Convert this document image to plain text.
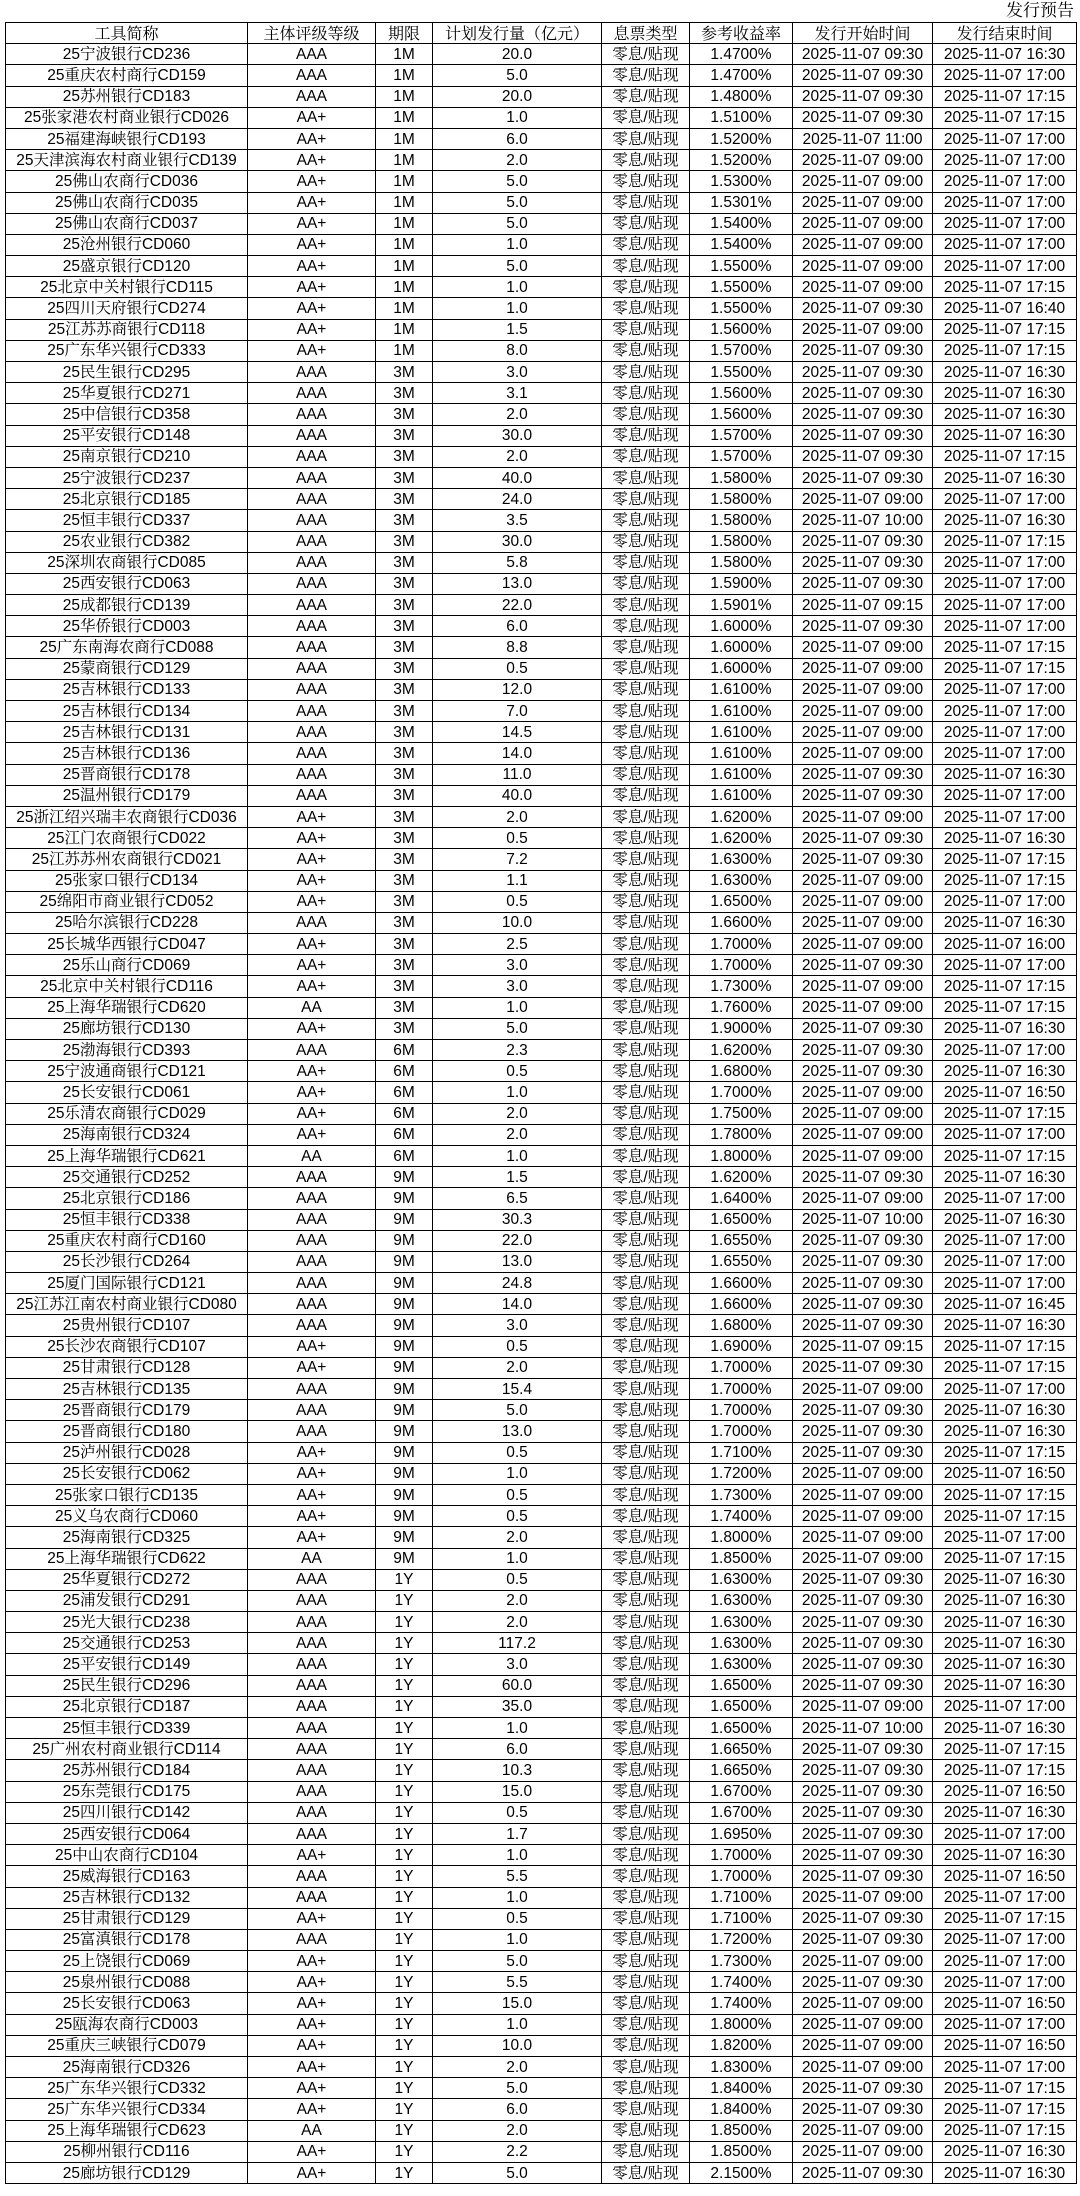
发行预告
工具简称	主体评级等级	期限	计划发行量（亿元）	息票类型	参考收益率	发行开始时间	发行结束时间
25宁波银行CD236	AAA	1M	20.0	零息/贴现	1.4700%	2025-11-07 09:30	2025-11-07 16:30
25重庆农村商行CD159	AAA	1M	5.0	零息/贴现	1.4700%	2025-11-07 09:30	2025-11-07 17:00
25苏州银行CD183	AAA	1M	20.0	零息/贴现	1.4800%	2025-11-07 09:30	2025-11-07 17:15
25张家港农村商业银行CD026	AA+	1M	1.0	零息/贴现	1.5100%	2025-11-07 09:30	2025-11-07 17:15
25福建海峡银行CD193	AA+	1M	6.0	零息/贴现	1.5200%	2025-11-07 11:00	2025-11-07 17:00
25天津滨海农村商业银行CD139	AA+	1M	2.0	零息/贴现	1.5200%	2025-11-07 09:00	2025-11-07 17:00
25佛山农商行CD036	AA+	1M	5.0	零息/贴现	1.5300%	2025-11-07 09:00	2025-11-07 17:00
25佛山农商行CD035	AA+	1M	5.0	零息/贴现	1.5301%	2025-11-07 09:00	2025-11-07 17:00
25佛山农商行CD037	AA+	1M	5.0	零息/贴现	1.5400%	2025-11-07 09:00	2025-11-07 17:00
25沧州银行CD060	AA+	1M	1.0	零息/贴现	1.5400%	2025-11-07 09:00	2025-11-07 17:00
25盛京银行CD120	AA+	1M	5.0	零息/贴现	1.5500%	2025-11-07 09:00	2025-11-07 17:00
25北京中关村银行CD115	AA+	1M	1.0	零息/贴现	1.5500%	2025-11-07 09:00	2025-11-07 17:15
25四川天府银行CD274	AA+	1M	1.0	零息/贴现	1.5500%	2025-11-07 09:30	2025-11-07 16:40
25江苏苏商银行CD118	AA+	1M	1.5	零息/贴现	1.5600%	2025-11-07 09:00	2025-11-07 17:15
25广东华兴银行CD333	AA+	1M	8.0	零息/贴现	1.5700%	2025-11-07 09:30	2025-11-07 17:15
25民生银行CD295	AAA	3M	3.0	零息/贴现	1.5500%	2025-11-07 09:30	2025-11-07 16:30
25华夏银行CD271	AAA	3M	3.1	零息/贴现	1.5600%	2025-11-07 09:30	2025-11-07 16:30
25中信银行CD358	AAA	3M	2.0	零息/贴现	1.5600%	2025-11-07 09:30	2025-11-07 16:30
25平安银行CD148	AAA	3M	30.0	零息/贴现	1.5700%	2025-11-07 09:30	2025-11-07 16:30
25南京银行CD210	AAA	3M	2.0	零息/贴现	1.5700%	2025-11-07 09:30	2025-11-07 17:15
25宁波银行CD237	AAA	3M	40.0	零息/贴现	1.5800%	2025-11-07 09:30	2025-11-07 16:30
25北京银行CD185	AAA	3M	24.0	零息/贴现	1.5800%	2025-11-07 09:00	2025-11-07 17:00
25恒丰银行CD337	AAA	3M	3.5	零息/贴现	1.5800%	2025-11-07 10:00	2025-11-07 16:30
25农业银行CD382	AAA	3M	30.0	零息/贴现	1.5800%	2025-11-07 09:30	2025-11-07 17:15
25深圳农商银行CD085	AAA	3M	5.8	零息/贴现	1.5800%	2025-11-07 09:30	2025-11-07 17:00
25西安银行CD063	AAA	3M	13.0	零息/贴现	1.5900%	2025-11-07 09:30	2025-11-07 17:00
25成都银行CD139	AAA	3M	22.0	零息/贴现	1.5901%	2025-11-07 09:15	2025-11-07 17:00
25华侨银行CD003	AAA	3M	6.0	零息/贴现	1.6000%	2025-11-07 09:30	2025-11-07 17:00
25广东南海农商行CD088	AAA	3M	8.8	零息/贴现	1.6000%	2025-11-07 09:00	2025-11-07 17:15
25蒙商银行CD129	AAA	3M	0.5	零息/贴现	1.6000%	2025-11-07 09:00	2025-11-07 17:15
25吉林银行CD133	AAA	3M	12.0	零息/贴现	1.6100%	2025-11-07 09:00	2025-11-07 17:00
25吉林银行CD134	AAA	3M	7.0	零息/贴现	1.6100%	2025-11-07 09:00	2025-11-07 17:00
25吉林银行CD131	AAA	3M	14.5	零息/贴现	1.6100%	2025-11-07 09:00	2025-11-07 17:00
25吉林银行CD136	AAA	3M	14.0	零息/贴现	1.6100%	2025-11-07 09:00	2025-11-07 17:00
25晋商银行CD178	AAA	3M	11.0	零息/贴现	1.6100%	2025-11-07 09:30	2025-11-07 16:30
25温州银行CD179	AAA	3M	40.0	零息/贴现	1.6100%	2025-11-07 09:30	2025-11-07 17:00
25浙江绍兴瑞丰农商银行CD036	AA+	3M	2.0	零息/贴现	1.6200%	2025-11-07 09:00	2025-11-07 17:00
25江门农商银行CD022	AA+	3M	0.5	零息/贴现	1.6200%	2025-11-07 09:30	2025-11-07 16:30
25江苏苏州农商银行CD021	AA+	3M	7.2	零息/贴现	1.6300%	2025-11-07 09:30	2025-11-07 17:15
25张家口银行CD134	AA+	3M	1.1	零息/贴现	1.6300%	2025-11-07 09:00	2025-11-07 17:15
25绵阳市商业银行CD052	AA+	3M	0.5	零息/贴现	1.6500%	2025-11-07 09:00	2025-11-07 17:00
25哈尔滨银行CD228	AAA	3M	10.0	零息/贴现	1.6600%	2025-11-07 09:00	2025-11-07 16:30
25长城华西银行CD047	AA+	3M	2.5	零息/贴现	1.7000%	2025-11-07 09:00	2025-11-07 16:00
25乐山商行CD069	AA+	3M	3.0	零息/贴现	1.7000%	2025-11-07 09:30	2025-11-07 17:00
25北京中关村银行CD116	AA+	3M	3.0	零息/贴现	1.7300%	2025-11-07 09:00	2025-11-07 17:15
25上海华瑞银行CD620	AA	3M	1.0	零息/贴现	1.7600%	2025-11-07 09:00	2025-11-07 17:15
25廊坊银行CD130	AA+	3M	5.0	零息/贴现	1.9000%	2025-11-07 09:30	2025-11-07 16:30
25渤海银行CD393	AAA	6M	2.3	零息/贴现	1.6200%	2025-11-07 09:30	2025-11-07 17:00
25宁波通商银行CD121	AA+	6M	0.5	零息/贴现	1.6800%	2025-11-07 09:30	2025-11-07 16:30
25长安银行CD061	AA+	6M	1.0	零息/贴现	1.7000%	2025-11-07 09:00	2025-11-07 16:50
25乐清农商银行CD029	AA+	6M	2.0	零息/贴现	1.7500%	2025-11-07 09:00	2025-11-07 17:15
25海南银行CD324	AA+	6M	2.0	零息/贴现	1.7800%	2025-11-07 09:00	2025-11-07 17:00
25上海华瑞银行CD621	AA	6M	1.0	零息/贴现	1.8000%	2025-11-07 09:00	2025-11-07 17:15
25交通银行CD252	AAA	9M	1.5	零息/贴现	1.6200%	2025-11-07 09:30	2025-11-07 16:30
25北京银行CD186	AAA	9M	6.5	零息/贴现	1.6400%	2025-11-07 09:00	2025-11-07 17:00
25恒丰银行CD338	AAA	9M	30.3	零息/贴现	1.6500%	2025-11-07 10:00	2025-11-07 16:30
25重庆农村商行CD160	AAA	9M	22.0	零息/贴现	1.6550%	2025-11-07 09:30	2025-11-07 17:00
25长沙银行CD264	AAA	9M	13.0	零息/贴现	1.6550%	2025-11-07 09:30	2025-11-07 17:00
25厦门国际银行CD121	AAA	9M	24.8	零息/贴现	1.6600%	2025-11-07 09:30	2025-11-07 17:00
25江苏江南农村商业银行CD080	AAA	9M	14.0	零息/贴现	1.6600%	2025-11-07 09:30	2025-11-07 16:45
25贵州银行CD107	AAA	9M	3.0	零息/贴现	1.6800%	2025-11-07 09:30	2025-11-07 16:30
25长沙农商银行CD107	AA+	9M	0.5	零息/贴现	1.6900%	2025-11-07 09:15	2025-11-07 17:15
25甘肃银行CD128	AA+	9M	2.0	零息/贴现	1.7000%	2025-11-07 09:30	2025-11-07 17:15
25吉林银行CD135	AAA	9M	15.4	零息/贴现	1.7000%	2025-11-07 09:00	2025-11-07 17:00
25晋商银行CD179	AAA	9M	5.0	零息/贴现	1.7000%	2025-11-07 09:30	2025-11-07 16:30
25晋商银行CD180	AAA	9M	13.0	零息/贴现	1.7000%	2025-11-07 09:30	2025-11-07 16:30
25泸州银行CD028	AA+	9M	0.5	零息/贴现	1.7100%	2025-11-07 09:30	2025-11-07 17:15
25长安银行CD062	AA+	9M	1.0	零息/贴现	1.7200%	2025-11-07 09:00	2025-11-07 16:50
25张家口银行CD135	AA+	9M	0.5	零息/贴现	1.7300%	2025-11-07 09:00	2025-11-07 17:15
25义乌农商行CD060	AA+	9M	0.5	零息/贴现	1.7400%	2025-11-07 09:00	2025-11-07 17:15
25海南银行CD325	AA+	9M	2.0	零息/贴现	1.8000%	2025-11-07 09:00	2025-11-07 17:00
25上海华瑞银行CD622	AA	9M	1.0	零息/贴现	1.8500%	2025-11-07 09:00	2025-11-07 17:15
25华夏银行CD272	AAA	1Y	0.5	零息/贴现	1.6300%	2025-11-07 09:30	2025-11-07 16:30
25浦发银行CD291	AAA	1Y	2.0	零息/贴现	1.6300%	2025-11-07 09:30	2025-11-07 16:30
25光大银行CD238	AAA	1Y	2.0	零息/贴现	1.6300%	2025-11-07 09:30	2025-11-07 16:30
25交通银行CD253	AAA	1Y	117.2	零息/贴现	1.6300%	2025-11-07 09:30	2025-11-07 16:30
25平安银行CD149	AAA	1Y	3.0	零息/贴现	1.6300%	2025-11-07 09:30	2025-11-07 16:30
25民生银行CD296	AAA	1Y	60.0	零息/贴现	1.6500%	2025-11-07 09:30	2025-11-07 16:30
25北京银行CD187	AAA	1Y	35.0	零息/贴现	1.6500%	2025-11-07 09:00	2025-11-07 17:00
25恒丰银行CD339	AAA	1Y	1.0	零息/贴现	1.6500%	2025-11-07 10:00	2025-11-07 16:30
25广州农村商业银行CD114	AAA	1Y	6.0	零息/贴现	1.6650%	2025-11-07 09:30	2025-11-07 17:15
25苏州银行CD184	AAA	1Y	10.3	零息/贴现	1.6650%	2025-11-07 09:30	2025-11-07 17:15
25东莞银行CD175	AAA	1Y	15.0	零息/贴现	1.6700%	2025-11-07 09:30	2025-11-07 16:50
25四川银行CD142	AAA	1Y	0.5	零息/贴现	1.6700%	2025-11-07 09:30	2025-11-07 16:30
25西安银行CD064	AAA	1Y	1.7	零息/贴现	1.6950%	2025-11-07 09:30	2025-11-07 17:00
25中山农商行CD104	AA+	1Y	1.0	零息/贴现	1.7000%	2025-11-07 09:30	2025-11-07 16:30
25威海银行CD163	AAA	1Y	5.5	零息/贴现	1.7000%	2025-11-07 09:30	2025-11-07 16:50
25吉林银行CD132	AAA	1Y	1.0	零息/贴现	1.7100%	2025-11-07 09:00	2025-11-07 17:00
25甘肃银行CD129	AA+	1Y	0.5	零息/贴现	1.7100%	2025-11-07 09:30	2025-11-07 17:15
25富滇银行CD178	AAA	1Y	1.0	零息/贴现	1.7200%	2025-11-07 09:30	2025-11-07 17:00
25上饶银行CD069	AA+	1Y	5.0	零息/贴现	1.7300%	2025-11-07 09:00	2025-11-07 17:00
25泉州银行CD088	AA+	1Y	5.5	零息/贴现	1.7400%	2025-11-07 09:30	2025-11-07 17:00
25长安银行CD063	AA+	1Y	15.0	零息/贴现	1.7400%	2025-11-07 09:00	2025-11-07 16:50
25瓯海农商行CD003	AA+	1Y	1.0	零息/贴现	1.8000%	2025-11-07 09:00	2025-11-07 17:00
25重庆三峡银行CD079	AA+	1Y	10.0	零息/贴现	1.8200%	2025-11-07 09:00	2025-11-07 16:50
25海南银行CD326	AA+	1Y	2.0	零息/贴现	1.8300%	2025-11-07 09:00	2025-11-07 17:00
25广东华兴银行CD332	AA+	1Y	5.0	零息/贴现	1.8400%	2025-11-07 09:30	2025-11-07 17:15
25广东华兴银行CD334	AA+	1Y	6.0	零息/贴现	1.8400%	2025-11-07 09:30	2025-11-07 17:15
25上海华瑞银行CD623	AA	1Y	2.0	零息/贴现	1.8500%	2025-11-07 09:00	2025-11-07 17:15
25柳州银行CD116	AA+	1Y	2.2	零息/贴现	1.8500%	2025-11-07 09:00	2025-11-07 16:30
25廊坊银行CD129	AA+	1Y	5.0	零息/贴现	2.1500%	2025-11-07 09:30	2025-11-07 16:30
